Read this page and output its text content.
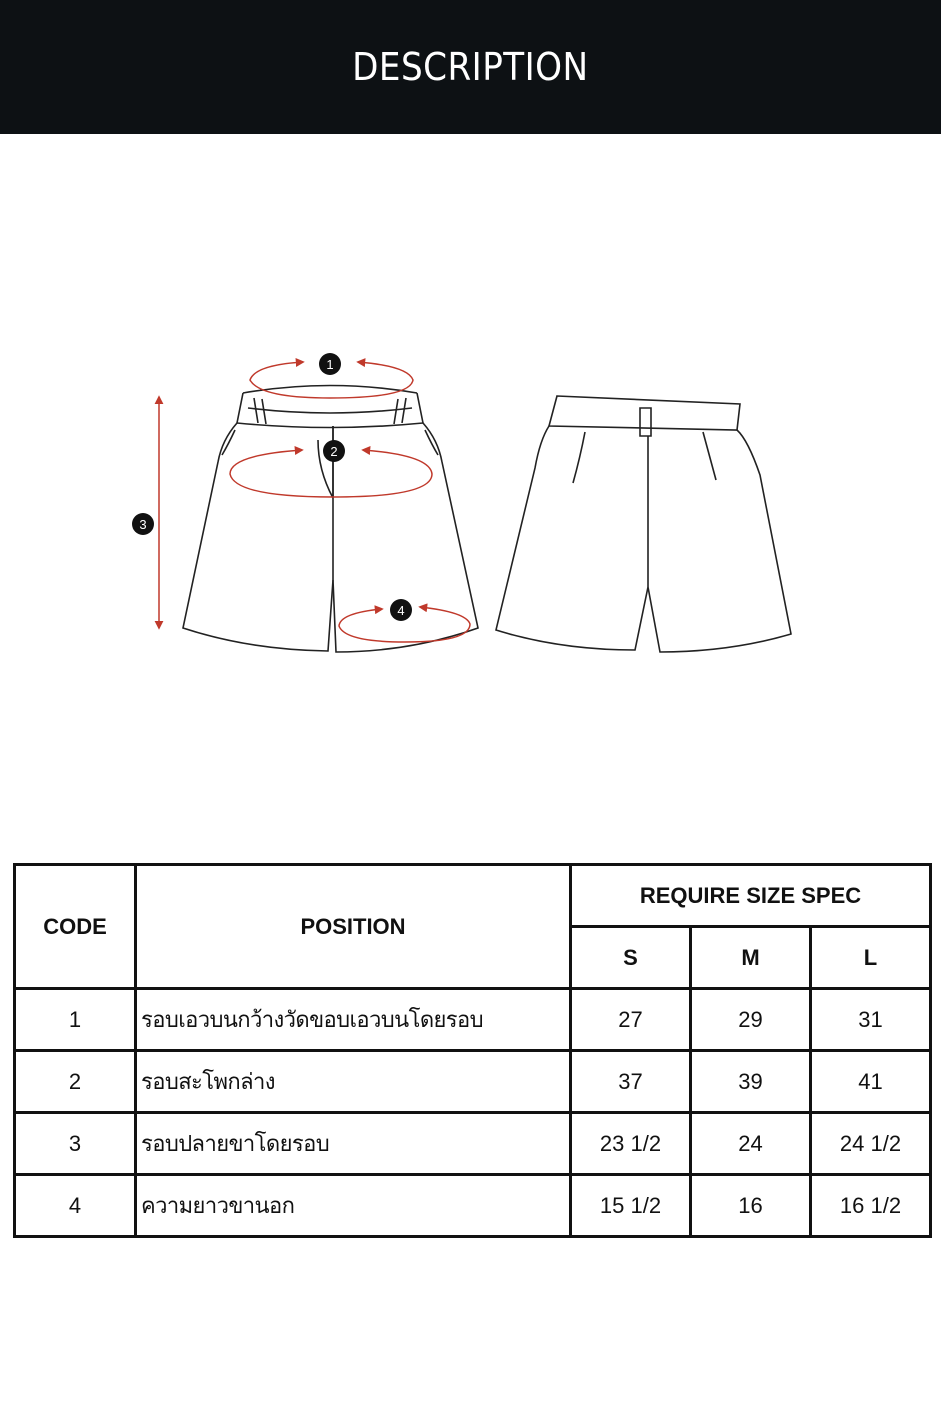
DESCRIPTION
1
2
3
4
CODE	POSITION	REQUIRE SIZE SPEC		
		S	M	L
1	รอบเอวบนกว้างวัดขอบเอวบนโดยรอบ	27	29	31
2	รอบสะโพกล่าง	37	39	41
3	รอบปลายขาโดยรอบ	23 1/2	24	24 1/2
4	ความยาวขานอก	15 1/2	16	16 1/2
